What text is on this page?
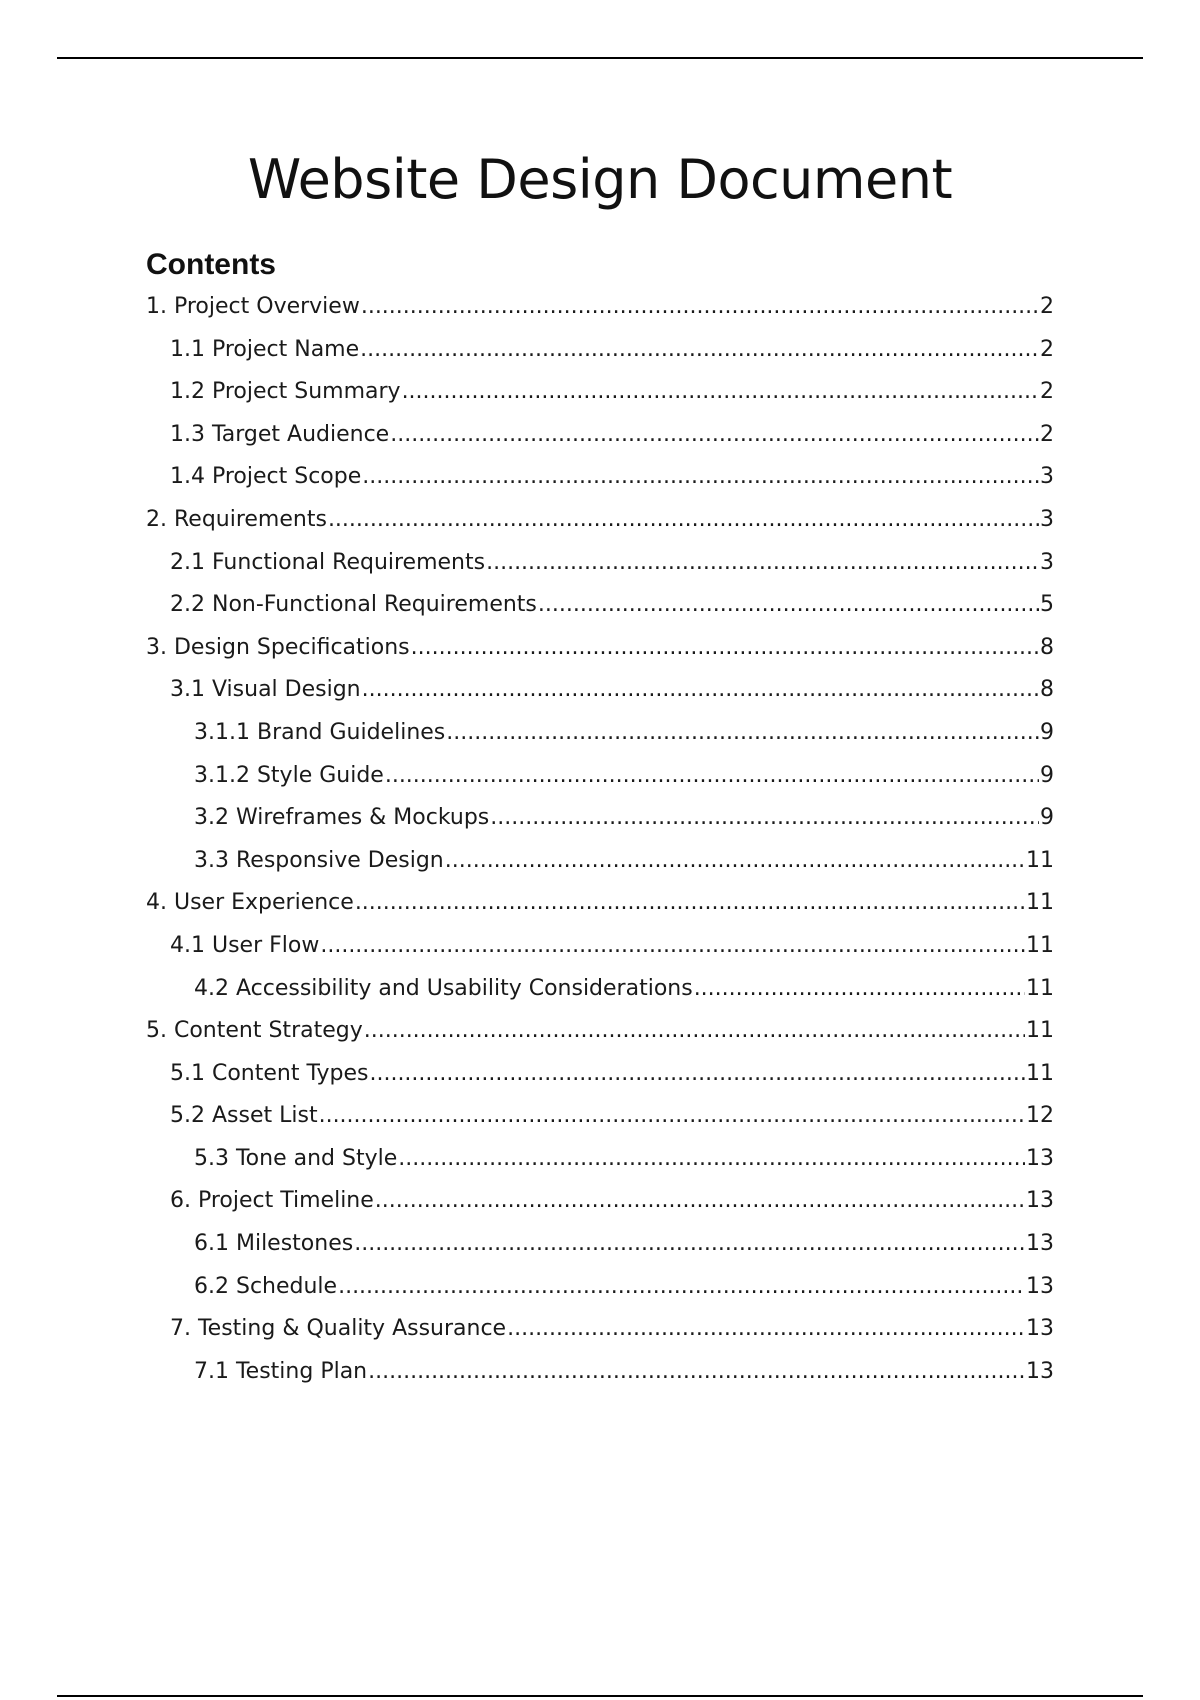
Website Design Document
Contents
1. Project Overview .....	2
1.1 Project Name .....	2
1.2 Project Summary .....	2
1.3 Target Audience .....	2
1.4 Project Scope .....	3
2. Requirements .....	3
2.1 Functional Requirements .....	3
2.2 Non-Functional Requirements .....	5
3. Design Specifications .....	8
3.1 Visual Design .....	8
3.1.1 Brand Guidelines .....	9
3.1.2 Style Guide .....	9
3.2 Wireframes & Mockups .....	9
3.3 Responsive Design .....	11
4. User Experience .....	11
4.1 User Flow .....	11
4.2 Accessibility and Usability Considerations .....	11
5. Content Strategy .....	11
5.1 Content Types .....	11
5.2 Asset List .....	12
5.3 Tone and Style .....	13
6. Project Timeline .....	13
6.1 Milestones .....	13
6.2 Schedule .....	13
7. Testing & Quality Assurance .....	13
7.1 Testing Plan .....	13
